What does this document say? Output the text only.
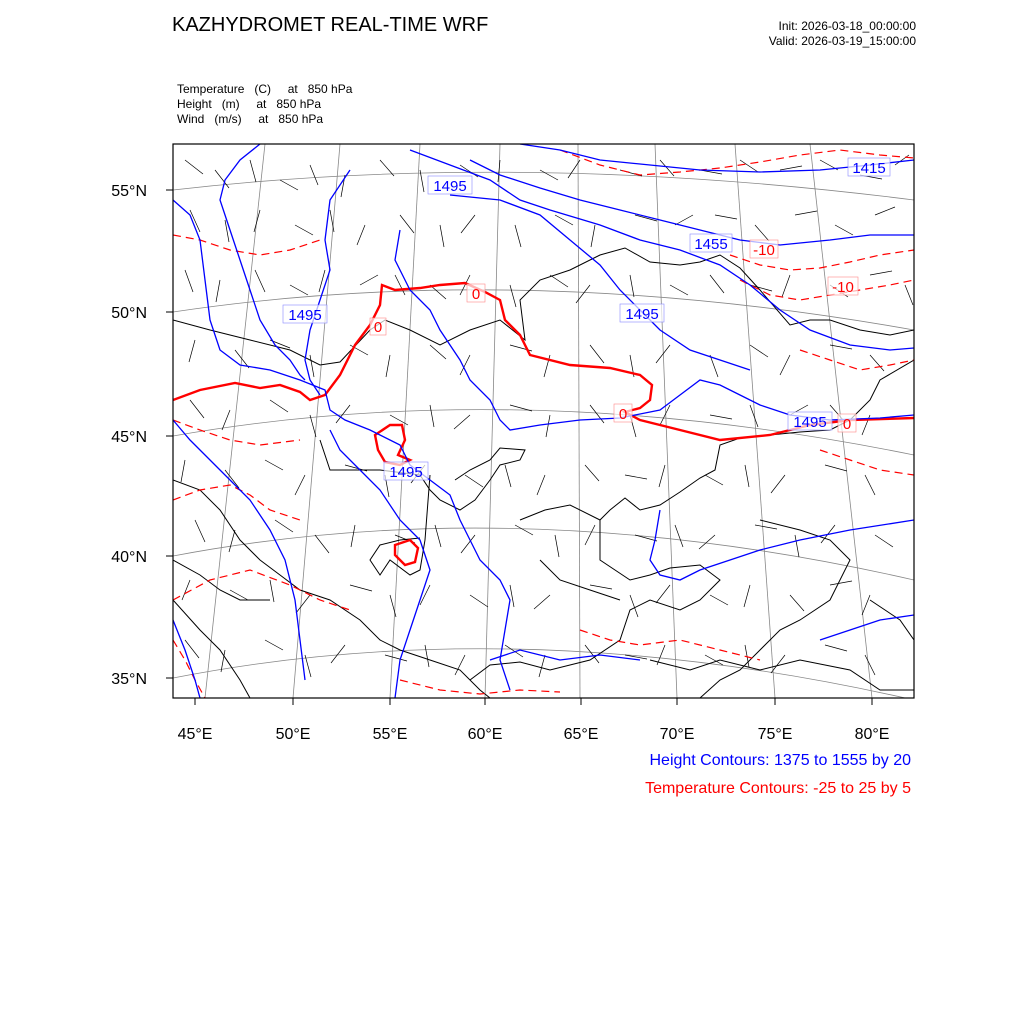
KAZHYDROMET REAL-TIME WRF	Init: 2026-03-18_00:00:00
Valid: 2026-03-19_15:00:00
Temperature   (C)     at   850 hPa
Height   (m)     at   850 hPa
Wind   (m/s)     at   850 hPa
1415
1455
1495
1495	1495
1495
1495
0
0
0
0
-10
-10
55°N
50°N
45°N
40°N
35°N
45°E	50°E	55°E	60°E	65°E	70°E	75°E	80°E
Height Contours: 1375 to 1555 by 20
Temperature Contours: -25 to 25 by 5
